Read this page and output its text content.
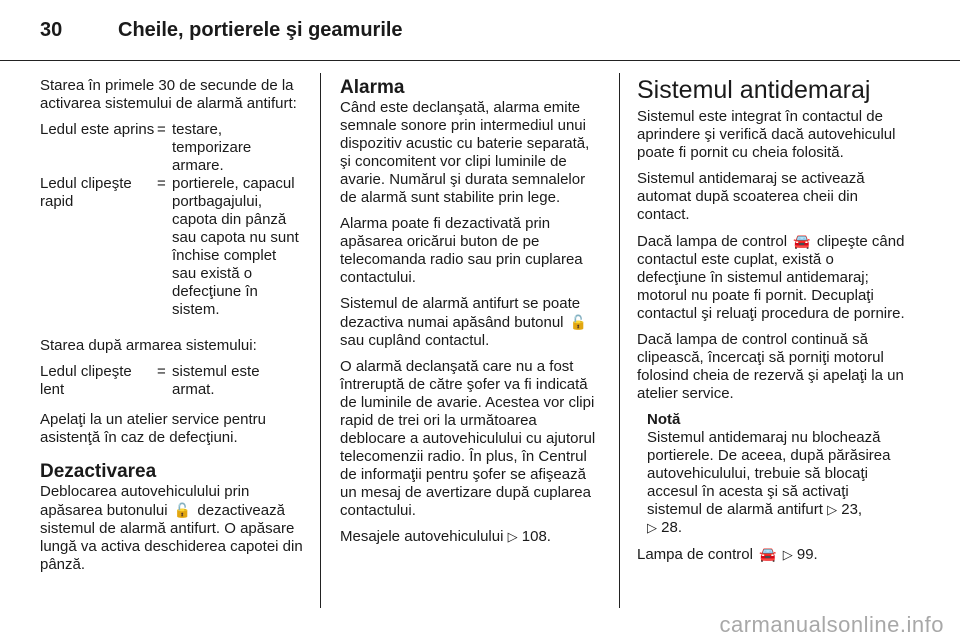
30	Cheile, portierele şi geamurile

Starea în primele 30 de secunde de la activarea sistemului de alarmă antifurt:

Ledul este aprins = testare, temporizare armare.
Ledul clipeşte rapid
= portierele, capacul portbagajului, capota din pânză sau capota nu sunt închise complet sau există o defecţiune în sistem.

Starea după armarea sistemului:

Ledul clipeşte lent
= sistemul este armat.

Apelaţi la un atelier service pentru asistenţă în caz de defecţiuni.

Dezactivarea

Deblocarea autovehiculului prin apăsarea butonului 🔓 dezactivează sistemul de alarmă antifurt. O apăsare lungă va activa deschiderea capotei din pânză.

Alarma

Când este declanşată, alarma emite semnale sonore prin intermediul unui dispozitiv acustic cu baterie separată, şi concomitent vor clipi luminile de avarie. Numărul şi durata semnalelor de alarmă sunt stabilite prin lege.

Alarma poate fi dezactivată prin apăsarea oricărui buton de pe telecomanda radio sau prin cuplarea contactului.

Sistemul de alarmă antifurt se poate dezactiva numai apăsând butonul 🔓 sau cuplând contactul.

O alarmă declanşată care nu a fost întreruptă de către şofer va fi indicată de luminile de avarie. Acestea vor clipi rapid de trei ori la următoarea deblocare a autovehiculului cu ajutorul telecomenzii radio. În plus, în Centrul de informaţii pentru şofer se afişează un mesaj de avertizare după cuplarea contactului.

Mesajele autovehiculului ▷ 108.

Sistemul antidemaraj

Sistemul este integrat în contactul de aprindere şi verifică dacă autovehiculul poate fi pornit cu cheia folosită.

Sistemul antidemaraj se activează automat după scoaterea cheii din contact.

Dacă lampa de control 🚘 clipeşte când contactul este cuplat, există o defecţiune în sistemul antidemaraj; motorul nu poate fi pornit. Decuplaţi contactul şi reluaţi procedura de pornire.

Dacă lampa de control continuă să clipească, încercaţi să porniţi motorul folosind cheia de rezervă şi apelaţi la un atelier service.

Notă
Sistemul antidemaraj nu blochează portierele. De aceea, după părăsirea autovehiculului, trebuie să blocaţi accesul în acesta şi să activaţi sistemul de alarmă antifurt ▷ 23,
▷ 28.

Lampa de control 🚘 ▷ 99.

carmanualsonline.info
